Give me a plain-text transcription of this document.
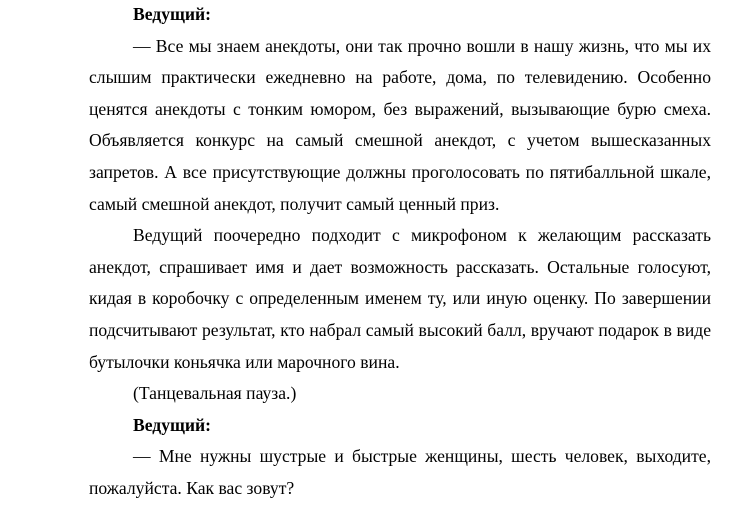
Ведущий:

— Все мы знаем анекдоты, они так прочно вошли в нашу жизнь, что мы их слышим практически ежедневно на работе, дома, по телевидению. Особенно ценятся анекдоты с тонким юмором, без выражений, вызывающие бурю смеха. Объявляется конкурс на самый смешной анекдот, с учетом вышесказанных запретов. А все присутствующие должны проголосовать по пятибалльной шкале, самый смешной анекдот, получит самый ценный приз.

Ведущий поочередно подходит с микрофоном к желающим рассказать анекдот, спрашивает имя и дает возможность рассказать. Остальные голосуют, кидая в коробочку с определенным именем ту, или иную оценку. По завершении подсчитывают результат, кто набрал самый высокий балл, вручают подарок в виде бутылочки коньячка или марочного вина.

(Танцевальная пауза.)

Ведущий:

— Мне нужны шустрые и быстрые женщины, шесть человек, выходите, пожалуйста. Как вас зовут?
